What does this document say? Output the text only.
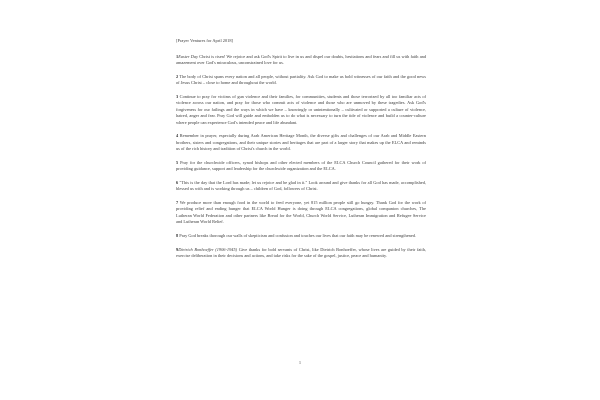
[Prayer Ventures for April 2018]

1Easter Day Christ is risen! We rejoice and ask God's Spirit to live in us and dispel our doubts, hesitations and fears and fill us with faith and amazement over God's miraculous, unconstrained love for us.

2 The body of Christ spans every nation and all people, without partiality. Ask God to make us bold witnesses of our faith and the good news of Jesus Christ – close to home and throughout the world.

3 Continue to pray for victims of gun violence and their families, for communities, students and those terrorized by all too familiar acts of violence across our nation, and pray for those who commit acts of violence and those who are unmoved by these tragedies. Ask God's forgiveness for our failings and the ways in which we have – knowingly or unintentionally – cultivated or supported a culture of violence, hatred, anger and fear. Pray God will guide and embolden us to do what is necessary to turn the tide of violence and build a counter-culture where people can experience God's intended peace and life abundant.

4 Remember in prayer, especially during Arab American Heritage Month, the diverse gifts and challenges of our Arab and Middle Eastern brothers, sisters and congregations, and their unique stories and heritages that are part of a larger story that makes up the ELCA and reminds us of the rich history and tradition of Christ's church in the world.

5 Pray for the churchwide officers, synod bishops and other elected members of the ELCA Church Council gathered for their work of providing guidance, support and leadership for the churchwide organization and the ELCA.

6 "This is the day that the Lord has made; let us rejoice and be glad in it." Look around and give thanks for all God has made, accomplished, blessed us with and is working through us – children of God, followers of Christ.

7 We produce more than enough food in the world to feed everyone, yet 815 million people still go hungry. Thank God for the work of providing relief and ending hunger that ELCA World Hunger is doing through ELCA congregations, global companion churches, The Lutheran World Federation and other partners like Bread for the World, Church World Service, Lutheran Immigration and Refugee Service and Lutheran World Relief.

8 Pray God breaks thorough our walls of skepticism and confusion and touches our lives that our faith may be renewed and strengthened.

9Dietrich Bonhoeffer (1906-1945) Give thanks for bold servants of Christ, like Dietrich Bonhoeffer, whose lives are guided by their faith, exercise deliberation in their decisions and actions, and take risks for the sake of the gospel, justice, peace and humanity.

1
